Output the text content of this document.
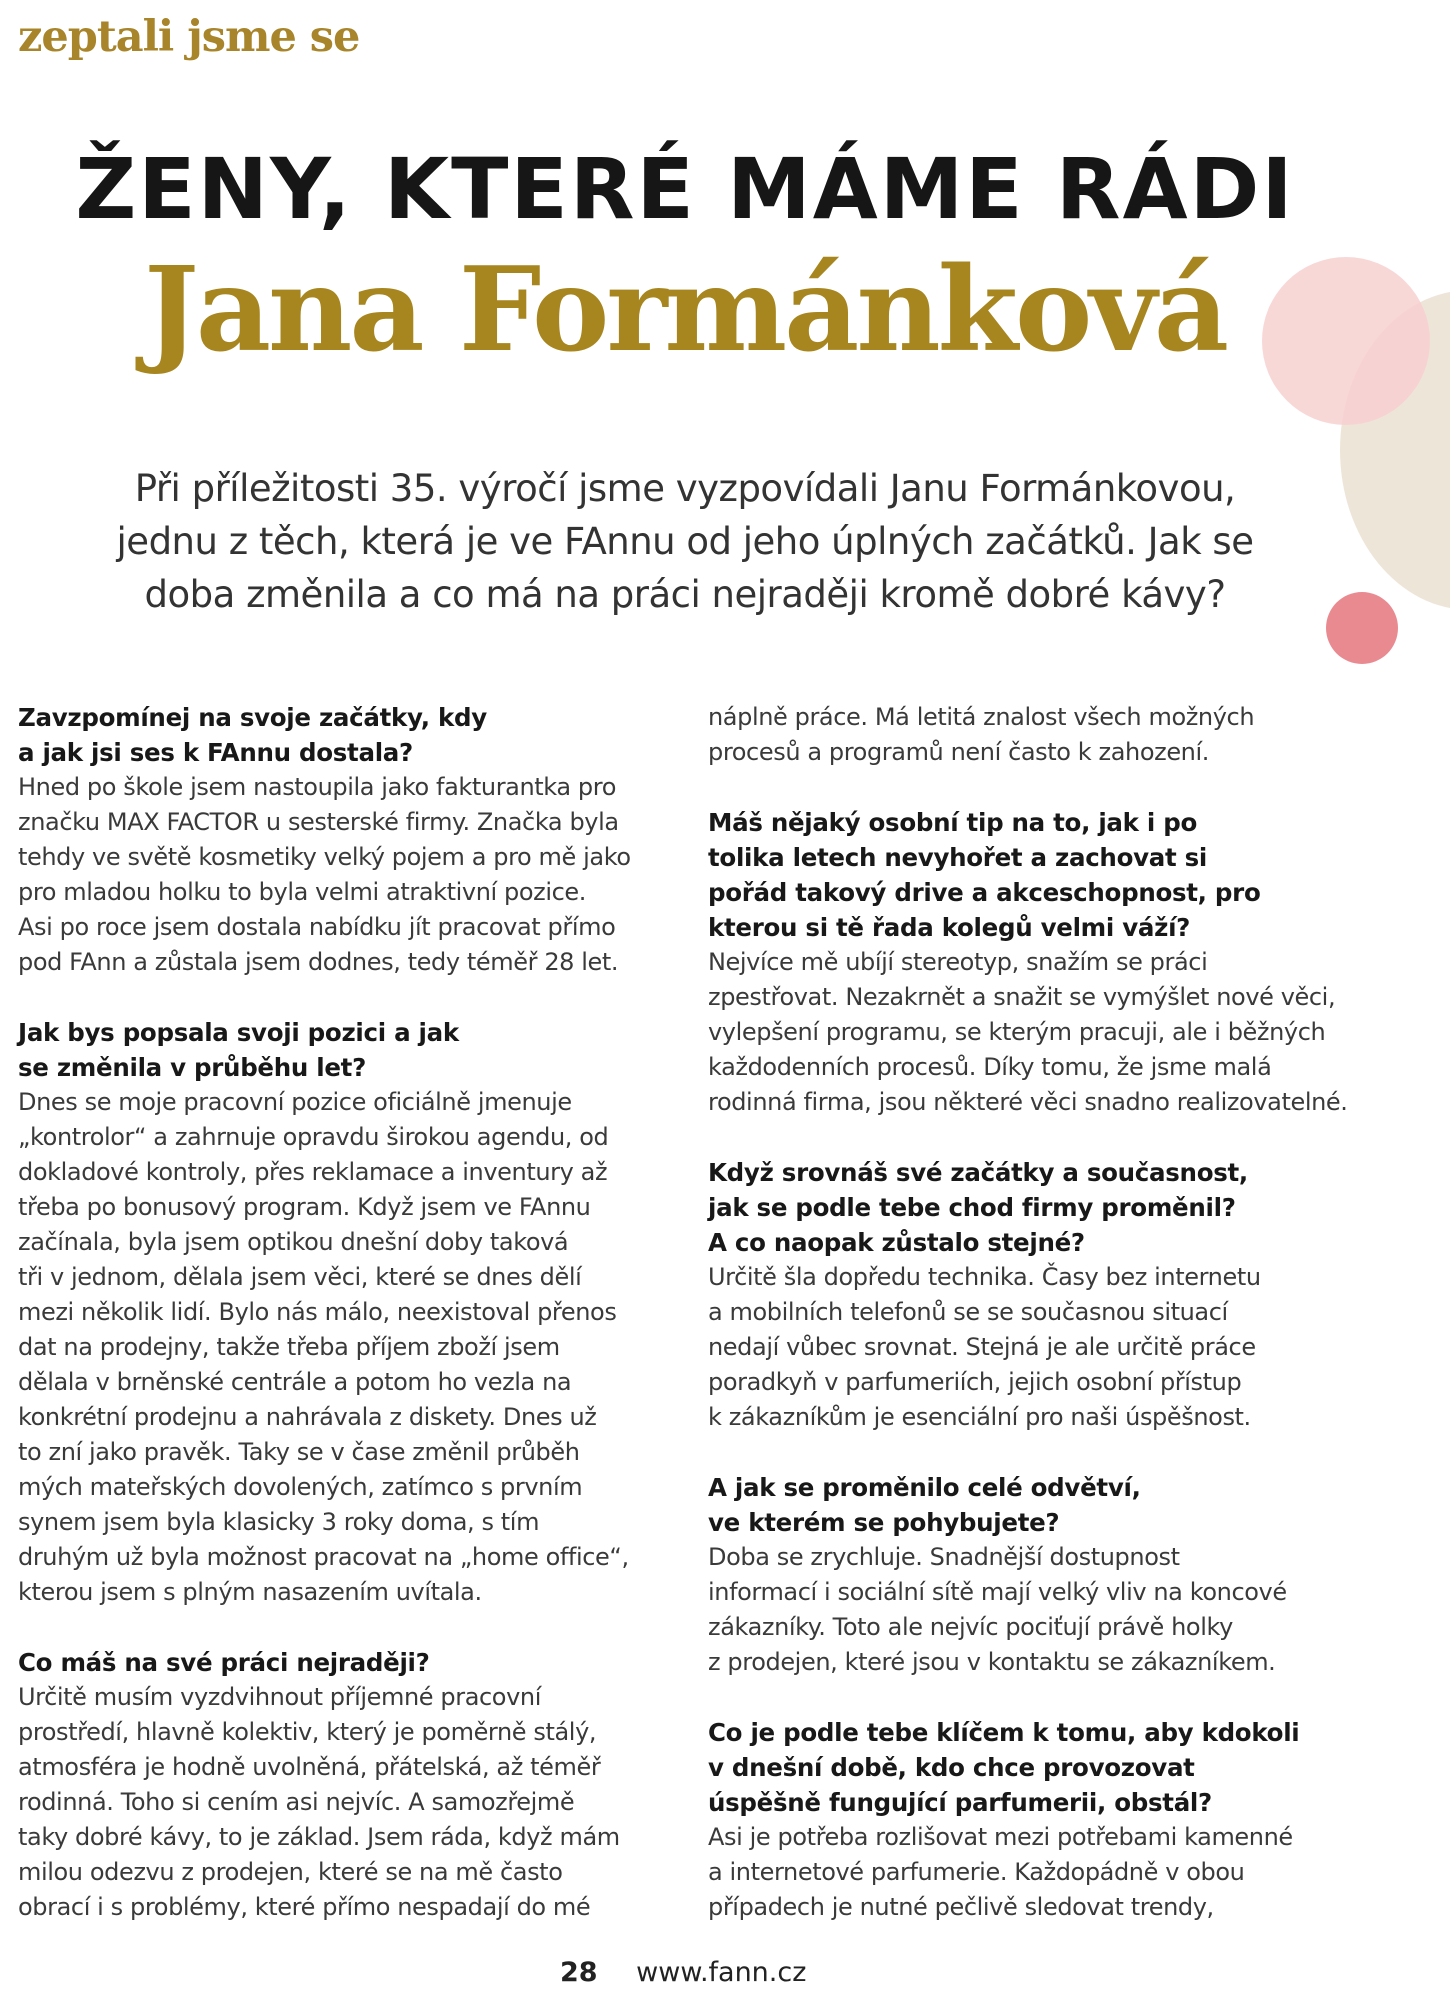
zeptali jsme se
ŽENY, KTERÉ MÁME RÁDI
Jana Formánková
Při příležitosti 35. výročí jsme vyzpovídali Janu Formánkovou,
jednu z těch, která je ve FAnnu od jeho úplných začátků. Jak se
doba změnila a co má na práci nejraději kromě dobré kávy?
Zavzpomínej na svoje začátky, kdy
a jak jsi ses k FAnnu dostala?
Hned po škole jsem nastoupila jako fakturantka pro
značku MAX FACTOR u sesterské firmy. Značka byla
tehdy ve světě kosmetiky velký pojem a pro mě jako
pro mladou holku to byla velmi atraktivní pozice.
Asi po roce jsem dostala nabídku jít pracovat přímo
pod FAnn a zůstala jsem dodnes, tedy téměř 28 let.
Jak bys popsala svoji pozici a jak
se změnila v průběhu let?
Dnes se moje pracovní pozice oficiálně jmenuje
„kontrolor“ a zahrnuje opravdu širokou agendu, od
dokladové kontroly, přes reklamace a inventury až
třeba po bonusový program. Když jsem ve FAnnu
začínala, byla jsem optikou dnešní doby taková
tři v jednom, dělala jsem věci, které se dnes dělí
mezi několik lidí. Bylo nás málo, neexistoval přenos
dat na prodejny, takže třeba příjem zboží jsem
dělala v brněnské centrále a potom ho vezla na
konkrétní prodejnu a nahrávala z diskety. Dnes už
to zní jako pravěk. Taky se v čase změnil průběh
mých mateřských dovolených, zatímco s prvním
synem jsem byla klasicky 3 roky doma, s tím
druhým už byla možnost pracovat na „home office“,
kterou jsem s plným nasazením uvítala.
Co máš na své práci nejraději?
Určitě musím vyzdvihnout příjemné pracovní
prostředí, hlavně kolektiv, který je poměrně stálý,
atmosféra je hodně uvolněná, přátelská, až téměř
rodinná. Toho si cením asi nejvíc. A samozřejmě
taky dobré kávy, to je základ. Jsem ráda, když mám
milou odezvu z prodejen, které se na mě často
obrací i s problémy, které přímo nespadají do mé
náplně práce. Má letitá znalost všech možných
procesů a programů není často k zahození.
Máš nějaký osobní tip na to, jak i po
tolika letech nevyhořet a zachovat si
pořád takový drive a akceschopnost, pro
kterou si tě řada kolegů velmi váží?
Nejvíce mě ubíjí stereotyp, snažím se práci
zpestřovat. Nezakrnět a snažit se vymýšlet nové věci,
vylepšení programu, se kterým pracuji, ale i běžných
každodenních procesů. Díky tomu, že jsme malá
rodinná firma, jsou některé věci snadno realizovatelné.
Když srovnáš své začátky a současnost,
jak se podle tebe chod firmy proměnil?
A co naopak zůstalo stejné?
Určitě šla dopředu technika. Časy bez internetu
a mobilních telefonů se se současnou situací
nedají vůbec srovnat. Stejná je ale určitě práce
poradkyň v parfumeriích, jejich osobní přístup
k zákazníkům je esenciální pro naši úspěšnost.
A jak se proměnilo celé odvětví,
ve kterém se pohybujete?
Doba se zrychluje. Snadnější dostupnost
informací i sociální sítě mají velký vliv na koncové
zákazníky. Toto ale nejvíc pociťují právě holky
z prodejen, které jsou v kontaktu se zákazníkem.
Co je podle tebe klíčem k tomu, aby kdokoli
v dnešní době, kdo chce provozovat
úspěšně fungující parfumerii, obstál?
Asi je potřeba rozlišovat mezi potřebami kamenné
a internetové parfumerie. Každopádně v obou
případech je nutné pečlivě sledovat trendy,
28 www.fann.cz
